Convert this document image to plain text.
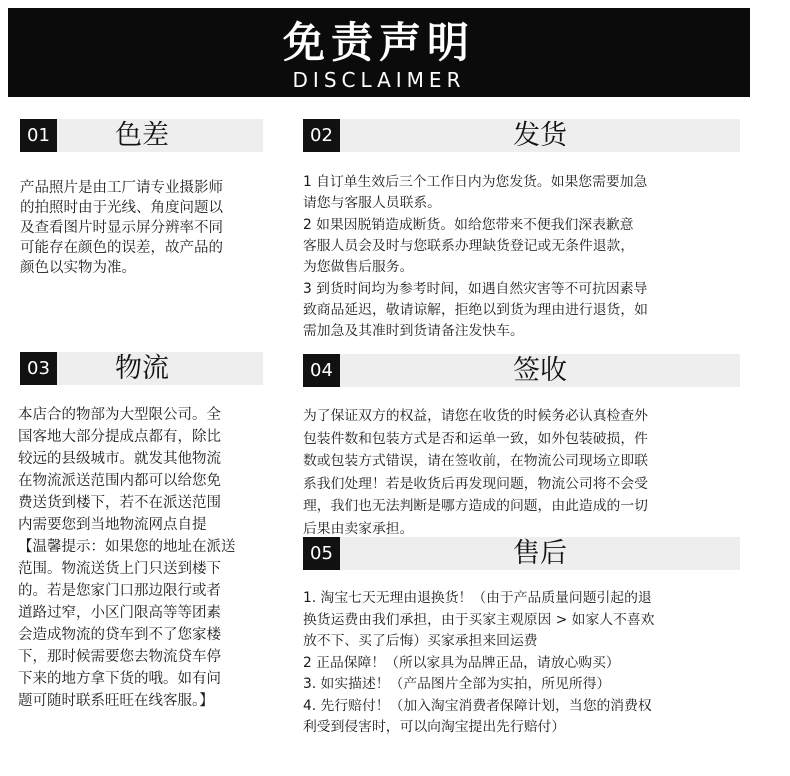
免责声明
DISCLAIMER
01	色差
产品照片是由工厂请专业摄影师
的拍照时由于光线、角度问题以
及查看图片时显示屏分辨率不同
可能存在颜色的误差，故产品的
颜色以实物为准。
02	发货
1 自订单生效后三个工作日内为您发货。如果您需要加急
请您与客服人员联系。
2 如果因脱销造成断货。如给您带来不便我们深表歉意
客服人员会及时与您联系办理缺货登记或无条件退款，
为您做售后服务。
3 到货时间均为参考时间，如遇自然灾害等不可抗因素导
致商品延迟，敬请谅解，拒绝以到货为理由进行退货，如
需加急及其准时到货请备注发快车。
03	物流
本店合的物部为大型限公司。全
国客地大部分提成点都有，除比
较远的县级城市。就发其他物流
在物流派送范围内都可以给您免
费送货到楼下，若不在派送范围
内需要您到当地物流网点自提
【温馨提示：如果您的地址在派送
范围。物流送货上门只送到楼下
的。若是您家门口那边限行或者
道路过窄，小区门限高等等团素
会造成物流的贷车到不了您家楼
下，那时候需要您去物流贷车停
下来的地方拿下货的哦。如有问
题可随时联系旺旺在线客服。】
04	签收
为了保证双方的权益，请您在收货的时候务必认真检查外
包装件数和包装方式是否和运单一致，如外包装破损，件
数或包装方式错误，请在签收前，在物流公司现场立即联
系我们处理！若是收货后再发现问题，物流公司将不会受
理，我们也无法判断是哪方造成的问题，由此造成的一切
后果由卖家承担。
05	售后
1. 淘宝七天无理由退换货！（由于产品质量问题引起的退
换货运费由我们承担，由于买家主观原因 > 如家人不喜欢
放不下、买了后悔）买家承担来回运费
2 正品保障！（所以家具为品牌正品，请放心购买）
3. 如实描述！（产品图片全部为实拍，所见所得）
4. 先行赔付！（加入淘宝消费者保障计划，当您的消费权
利受到侵害时，可以向淘宝提出先行赔付）
